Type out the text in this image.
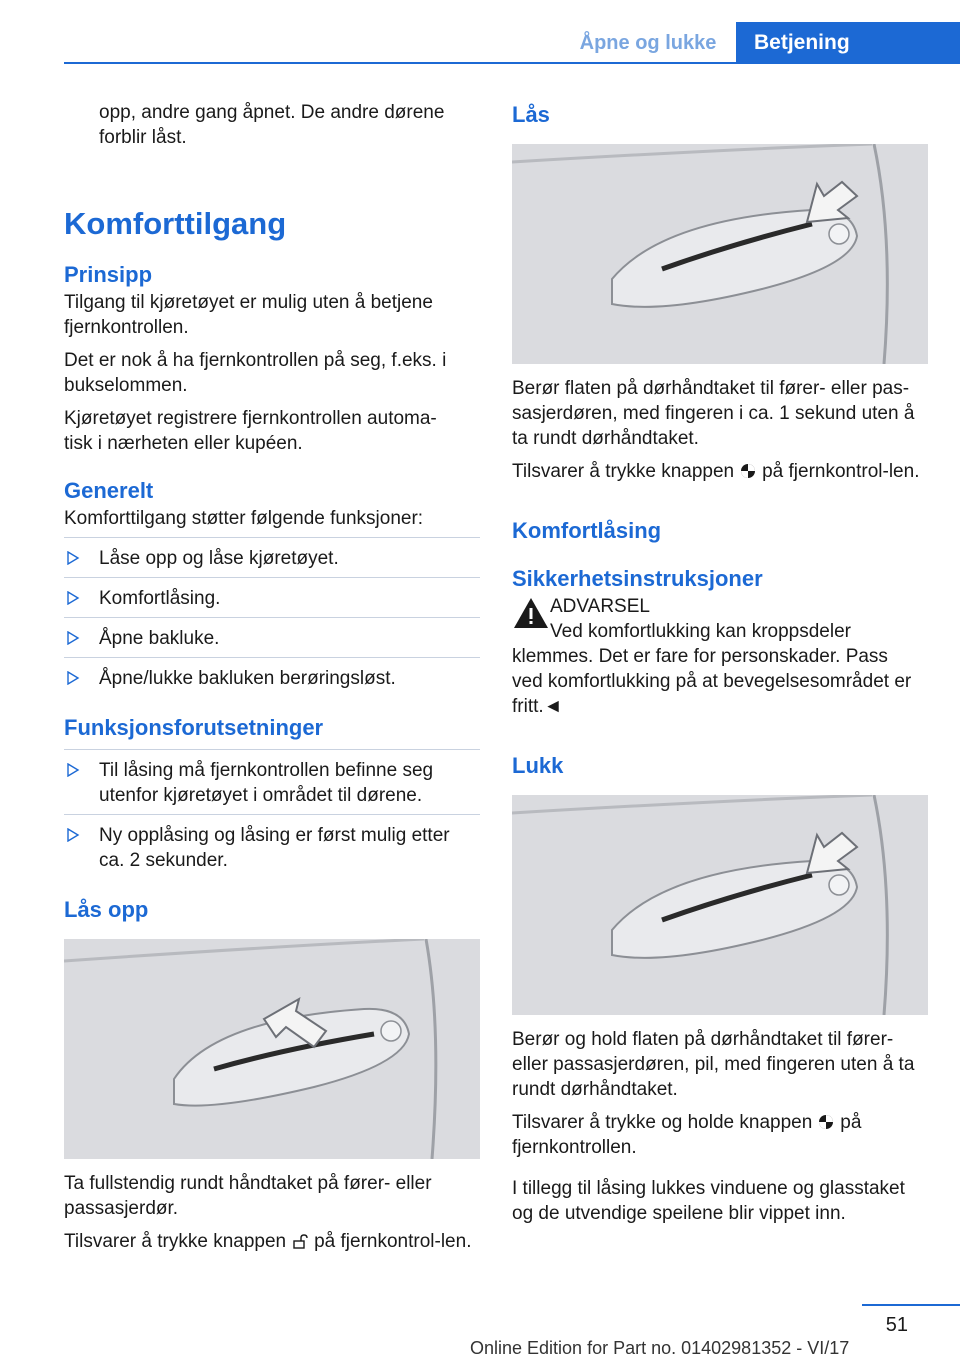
Åpne og lukke	Betjening

opp, andre gang åpnet. De andre dørene

forblir låst.

Komforttilgang
Prinsipp

Tilgang til kjøretøyet er mulig uten å betjene fjernkontrollen.

Det er nok å ha fjernkontrollen på seg, f.eks. i bukselommen.

Kjøretøyet registrere fjernkontrollen automa-tisk i nærheten eller kupéen.

Generelt

Komforttilgang støtter følgende funksjoner:

Låse opp og låse kjøretøyet.
Komfortlåsing.
Åpne bakluke.
Åpne/lukke bakluken berøringsløst.
Funksjonsforutsetninger
Til låsing må fjernkontrollen befinne seg utenfor kjøretøyet i området til dørene.
Ny opplåsing og låsing er først mulig etter ca. 2 sekunder.
Lås opp

Ta fullstendig rundt håndtaket på fører- eller passasjerdør.

Tilsvarer å trykke knappen på fjernkontrol-len.

Lås

Berør flaten på dørhåndtaket til fører- eller pas-sasjerdøren, med fingeren i ca. 1 sekund uten å ta rundt dørhåndtaket.

Tilsvarer å trykke knappen på fjernkontrol-len.

Komfortlåsing
Sikkerhetsinstruksjoner

ADVARSEL

Ved komfortlukking kan kroppsdeler

klemmes. Det er fare for personskader. Pass ved komfortlukking på at bevegelsesområdet er fritt.◄

Lukk

Berør og hold flaten på dørhåndtaket til fører- eller passasjerdøren, pil, med fingeren uten å ta rundt dørhåndtaket.

Tilsvarer å trykke og holde knappen på fjernkontrollen.

I tillegg til låsing lukkes vinduene og glasstaket og de utvendige speilene blir vippet inn.

51
Online Edition for Part no. 01402981352 - VI/17
